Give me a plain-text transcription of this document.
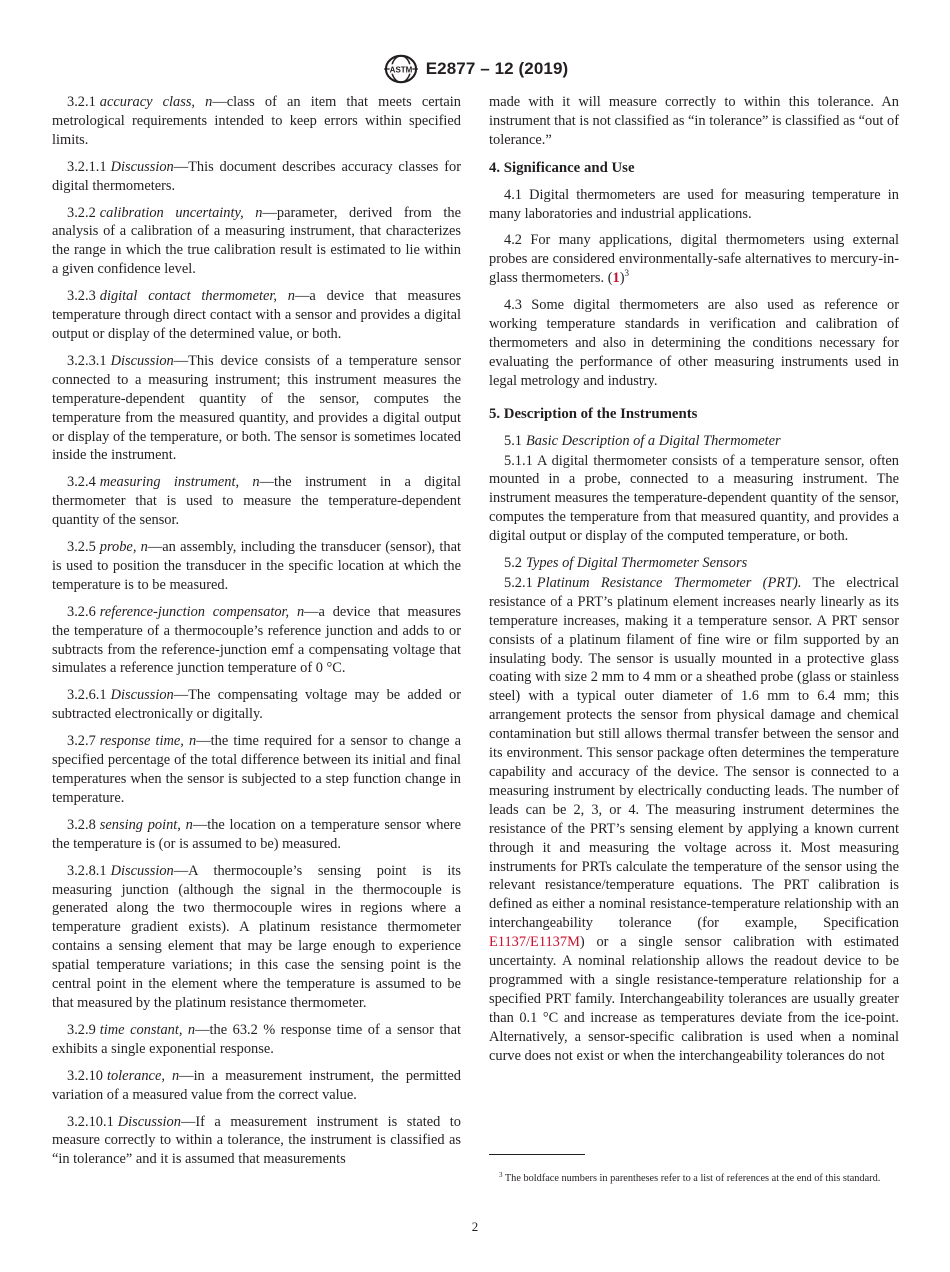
ASTM E2877 – 12 (2019)

3.2.1 accuracy class, n—class of an item that meets certain metrological requirements intended to keep errors within specified limits.

3.2.1.1 Discussion—This document describes accuracy classes for digital thermometers.

3.2.2 calibration uncertainty, n—parameter, derived from the analysis of a calibration of a measuring instrument, that characterizes the range in which the true calibration result is estimated to lie within a given confidence level.

3.2.3 digital contact thermometer, n—a device that measures temperature through direct contact with a sensor and provides a digital output or display of the determined value, or both.

3.2.3.1 Discussion—This device consists of a temperature sensor connected to a measuring instrument; this instrument measures the temperature-dependent quantity of the sensor, computes the temperature from the measured quantity, and provides a digital output or display of the temperature, or both. The sensor is sometimes located inside the instrument.

3.2.4 measuring instrument, n—the instrument in a digital thermometer that is used to measure the temperature-dependent quantity of the sensor.

3.2.5 probe, n—an assembly, including the transducer (sensor), that is used to position the transducer in the specific location at which the temperature is to be measured.

3.2.6 reference-junction compensator, n—a device that measures the temperature of a thermocouple’s reference junction and adds to or subtracts from the reference-junction emf a compensating voltage that simulates a reference junction temperature of 0 °C.

3.2.6.1 Discussion—The compensating voltage may be added or subtracted electronically or digitally.

3.2.7 response time, n—the time required for a sensor to change a specified percentage of the total difference between its initial and final temperatures when the sensor is subjected to a step function change in temperature.

3.2.8 sensing point, n—the location on a temperature sensor where the temperature is (or is assumed to be) measured.

3.2.8.1 Discussion—A thermocouple’s sensing point is its measuring junction (although the signal in the thermocouple is generated along the two thermocouple wires in regions where a temperature gradient exists). A platinum resistance thermometer contains a sensing element that may be large enough to experience spatial temperature variations; in this case the sensing point is the central point in the element where the temperature is assumed to be that measured by the platinum resistance thermometer.

3.2.9 time constant, n—the 63.2 % response time of a sensor that exhibits a single exponential response.

3.2.10 tolerance, n—in a measurement instrument, the permitted variation of a measured value from the correct value.

3.2.10.1 Discussion—If a measurement instrument is stated to measure correctly to within a tolerance, the instrument is classified as “in tolerance” and it is assumed that measurements

made with it will measure correctly to within this tolerance. An instrument that is not classified as “in tolerance” is classified as “out of tolerance.”

4. Significance and Use

4.1 Digital thermometers are used for measuring temperature in many laboratories and industrial applications.

4.2 For many applications, digital thermometers using external probes are considered environmentally-safe alternatives to mercury-in-glass thermometers. $(1)^3$

4.3 Some digital thermometers are also used as reference or working temperature standards in verification and calibration of thermometers and also in determining the conditions necessary for evaluating the performance of other measuring instruments used in legal metrology and industry.

5. Description of the Instruments

5.1 Basic Description of a Digital Thermometer

5.1.1 A digital thermometer consists of a temperature sensor, often mounted in a probe, connected to a measuring instrument. The instrument measures the temperature-dependent quantity of the sensor, computes the temperature from that measured quantity, and provides a digital output or display of the computed temperature, or both.

5.2 Types of Digital Thermometer Sensors

5.2.1 Platinum Resistance Thermometer (PRT). The electrical resistance of a PRT’s platinum element increases nearly linearly as its temperature increases, making it a temperature sensor. A PRT sensor consists of a platinum filament of fine wire or film supported by an insulating body. The sensor is usually mounted in a protective glass coating with size 2 mm to 4 mm or a sheathed probe (glass or stainless steel) with a typical outer diameter of 1.6 mm to 6.4 mm; this arrangement protects the sensor from physical damage and chemical contamination but still allows thermal transfer between the sensor and its environment. This sensor package often determines the temperature capability and accuracy of the device. The sensor is connected to a measuring instrument by electrically conducting leads. The number of leads can be 2, 3, or 4. The measuring instrument determines the resistance of the PRT’s sensing element by applying a known current through it and measuring the voltage across it. Most measuring instruments for PRTs calculate the temperature of the sensor using the relevant resistance/temperature equations. The PRT calibration is defined as either a nominal resistance-temperature relationship with an interchangeability tolerance (for example, Specification E1137/E1137M) or a single sensor calibration with estimated uncertainty. A nominal relationship allows the readout device to be programmed with a single resistance-temperature relationship for a specified PRT family. Interchangeability tolerances are usually greater than 0.1 °C and increase as temperatures deviate from the ice-point. Alternatively, a sensor-specific calibration is used when a nominal curve does not exist or when the interchangeability tolerances do not

$^3$ The boldface numbers in parentheses refer to a list of references at the end of this standard.

2
